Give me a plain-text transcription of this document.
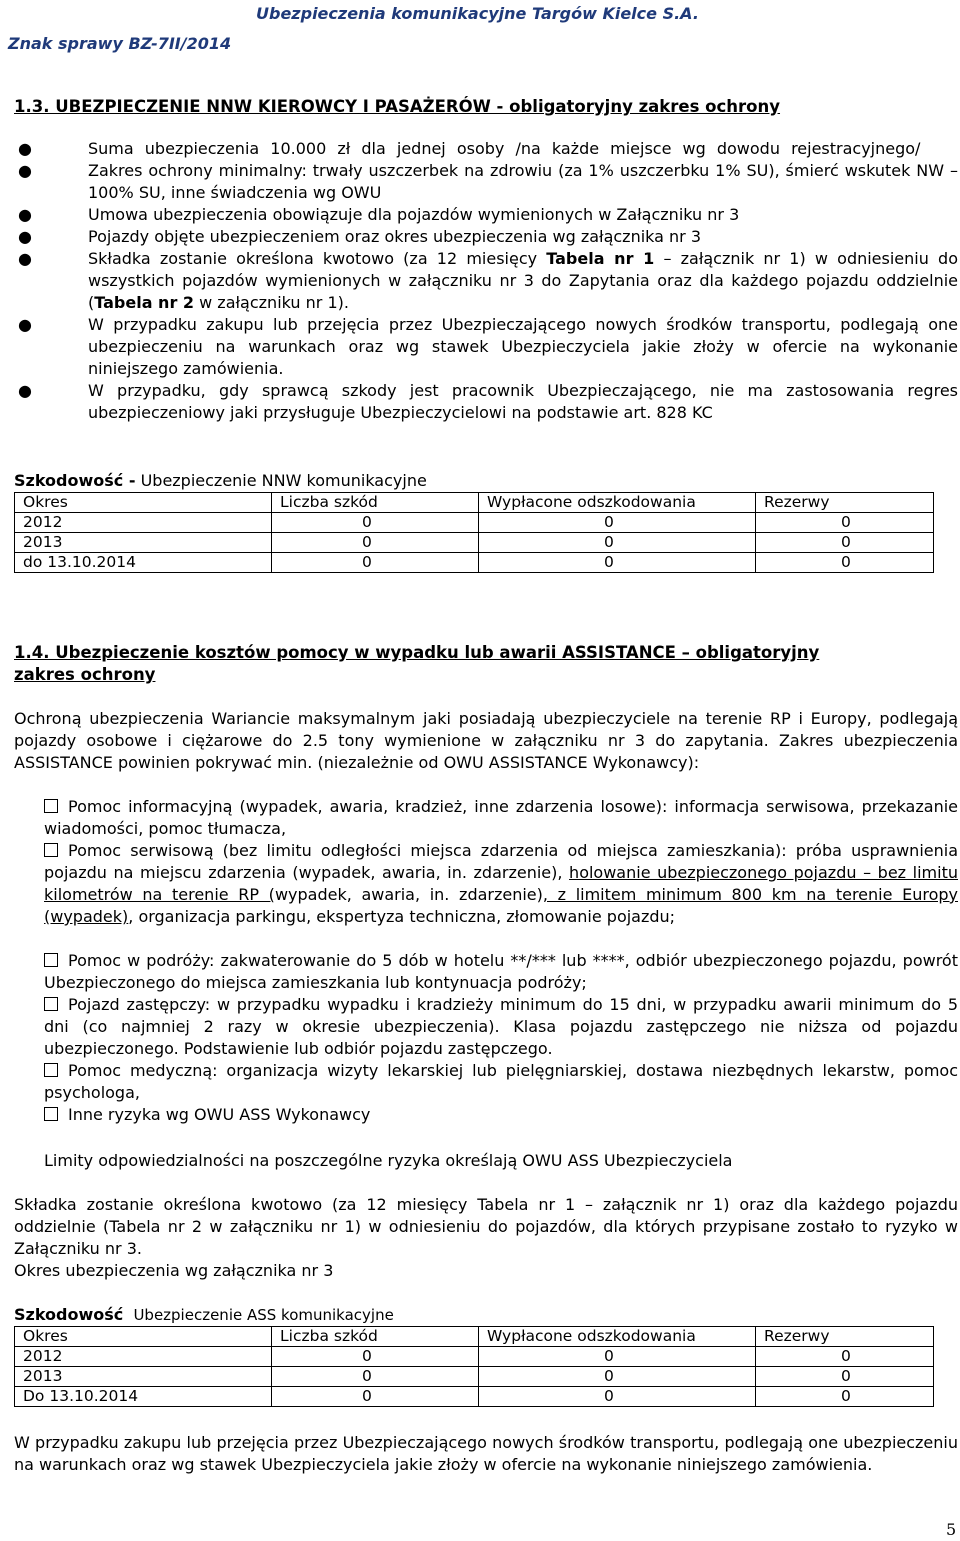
Ubezpieczenia komunikacyjne Targów Kielce S.A.
Znak sprawy BZ-7II/2014
1.3. UBEZPIECZENIE NNW KIEROWCY I PASAŻERÓW - obligatoryjny zakres ochrony
●	Suma ubezpieczenia 10.000 zł dla jednej osoby /na każde miejsce wg dowodu rejestracyjnego/
●	Zakres ochrony minimalny: trwały uszczerbek na zdrowiu (za 1% uszczerbku 1% SU), śmierć wskutek NW – 100% SU, inne świadczenia wg OWU
●	Umowa ubezpieczenia obowiązuje dla pojazdów wymienionych w Załączniku nr 3
●	Pojazdy objęte ubezpieczeniem oraz okres ubezpieczenia wg załącznika nr 3
●	Składka zostanie określona kwotowo (za 12 miesięcy Tabela nr 1 – załącznik nr 1) w odniesieniu do wszystkich pojazdów wymienionych w załączniku nr 3 do Zapytania oraz dla każdego pojazdu oddzielnie (Tabela nr 2 w załączniku nr 1).
●	W przypadku zakupu lub przejęcia przez Ubezpieczającego nowych środków transportu, podlegają one ubezpieczeniu na warunkach oraz wg stawek Ubezpieczyciela jakie złoży w ofercie na wykonanie niniejszego zamówienia.
●	W przypadku, gdy sprawcą szkody jest pracownik Ubezpieczającego, nie ma zastosowania regres ubezpieczeniowy jaki przysługuje Ubezpieczycielowi na podstawie art. 828 KC
Szkodowość - Ubezpieczenie NNW komunikacyjne
Okres	Liczba szkód	Wypłacone odszkodowania	Rezerwy
2012	0	0	0
2013	0	0	0
do 13.10.2014	0	0	0
1.4. Ubezpieczenie kosztów pomocy w wypadku lub awarii ASSISTANCE – obligatoryjny
zakres ochrony
Ochroną ubezpieczenia Wariancie maksymalnym jaki posiadają ubezpieczyciele na terenie RP i Europy, podlegają pojazdy osobowe i ciężarowe do 2.5 tony wymienione w załączniku nr 3 do zapytania. Zakres ubezpieczenia ASSISTANCE powinien pokrywać min. (niezależnie od OWU ASSISTANCE Wykonawcy):
Pomoc informacyjną (wypadek, awaria, kradzież, inne zdarzenia losowe): informacja serwisowa, przekazanie wiadomości, pomoc tłumacza,
Pomoc serwisową (bez limitu odległości miejsca zdarzenia od miejsca zamieszkania): próba usprawnienia pojazdu na miejscu zdarzenia (wypadek, awaria, in. zdarzenie), holowanie ubezpieczonego pojazdu – bez limitu kilometrów na terenie RP (wypadek, awaria, in. zdarzenie), z limitem minimum 800 km na terenie Europy (wypadek), organizacja parkingu, ekspertyza techniczna, złomowanie pojazdu;
Pomoc w podróży: zakwaterowanie do 5 dób w hotelu **/*** lub ****, odbiór ubezpieczonego pojazdu, powrót Ubezpieczonego do miejsca zamieszkania lub kontynuacja podróży;
Pojazd zastępczy: w przypadku wypadku i kradzieży minimum do 15 dni, w przypadku awarii minimum do 5 dni (co najmniej 2 razy w okresie ubezpieczenia). Klasa pojazdu zastępczego nie niższa od pojazdu ubezpieczonego. Podstawienie lub odbiór pojazdu zastępczego.
Pomoc medyczną: organizacja wizyty lekarskiej lub pielęgniarskiej, dostawa niezbędnych lekarstw, pomoc psychologa,
Inne ryzyka wg OWU ASS Wykonawcy
Limity odpowiedzialności na poszczególne ryzyka określają OWU ASS Ubezpieczyciela
Składka zostanie określona kwotowo (za 12 miesięcy Tabela nr 1 – załącznik nr 1) oraz dla każdego pojazdu oddzielnie (Tabela nr 2 w załączniku nr 1) w odniesieniu do pojazdów, dla których przypisane zostało to ryzyko w Załączniku nr 3.
Okres ubezpieczenia wg załącznika nr 3
Szkodowość Ubezpieczenie ASS komunikacyjne
Okres	Liczba szkód	Wypłacone odszkodowania	Rezerwy
2012	0	0	0
2013	0	0	0
Do 13.10.2014	0	0	0
W przypadku zakupu lub przejęcia przez Ubezpieczającego nowych środków transportu, podlegają one ubezpieczeniu na warunkach oraz wg stawek Ubezpieczyciela jakie złoży w ofercie na wykonanie niniejszego zamówienia.
5
